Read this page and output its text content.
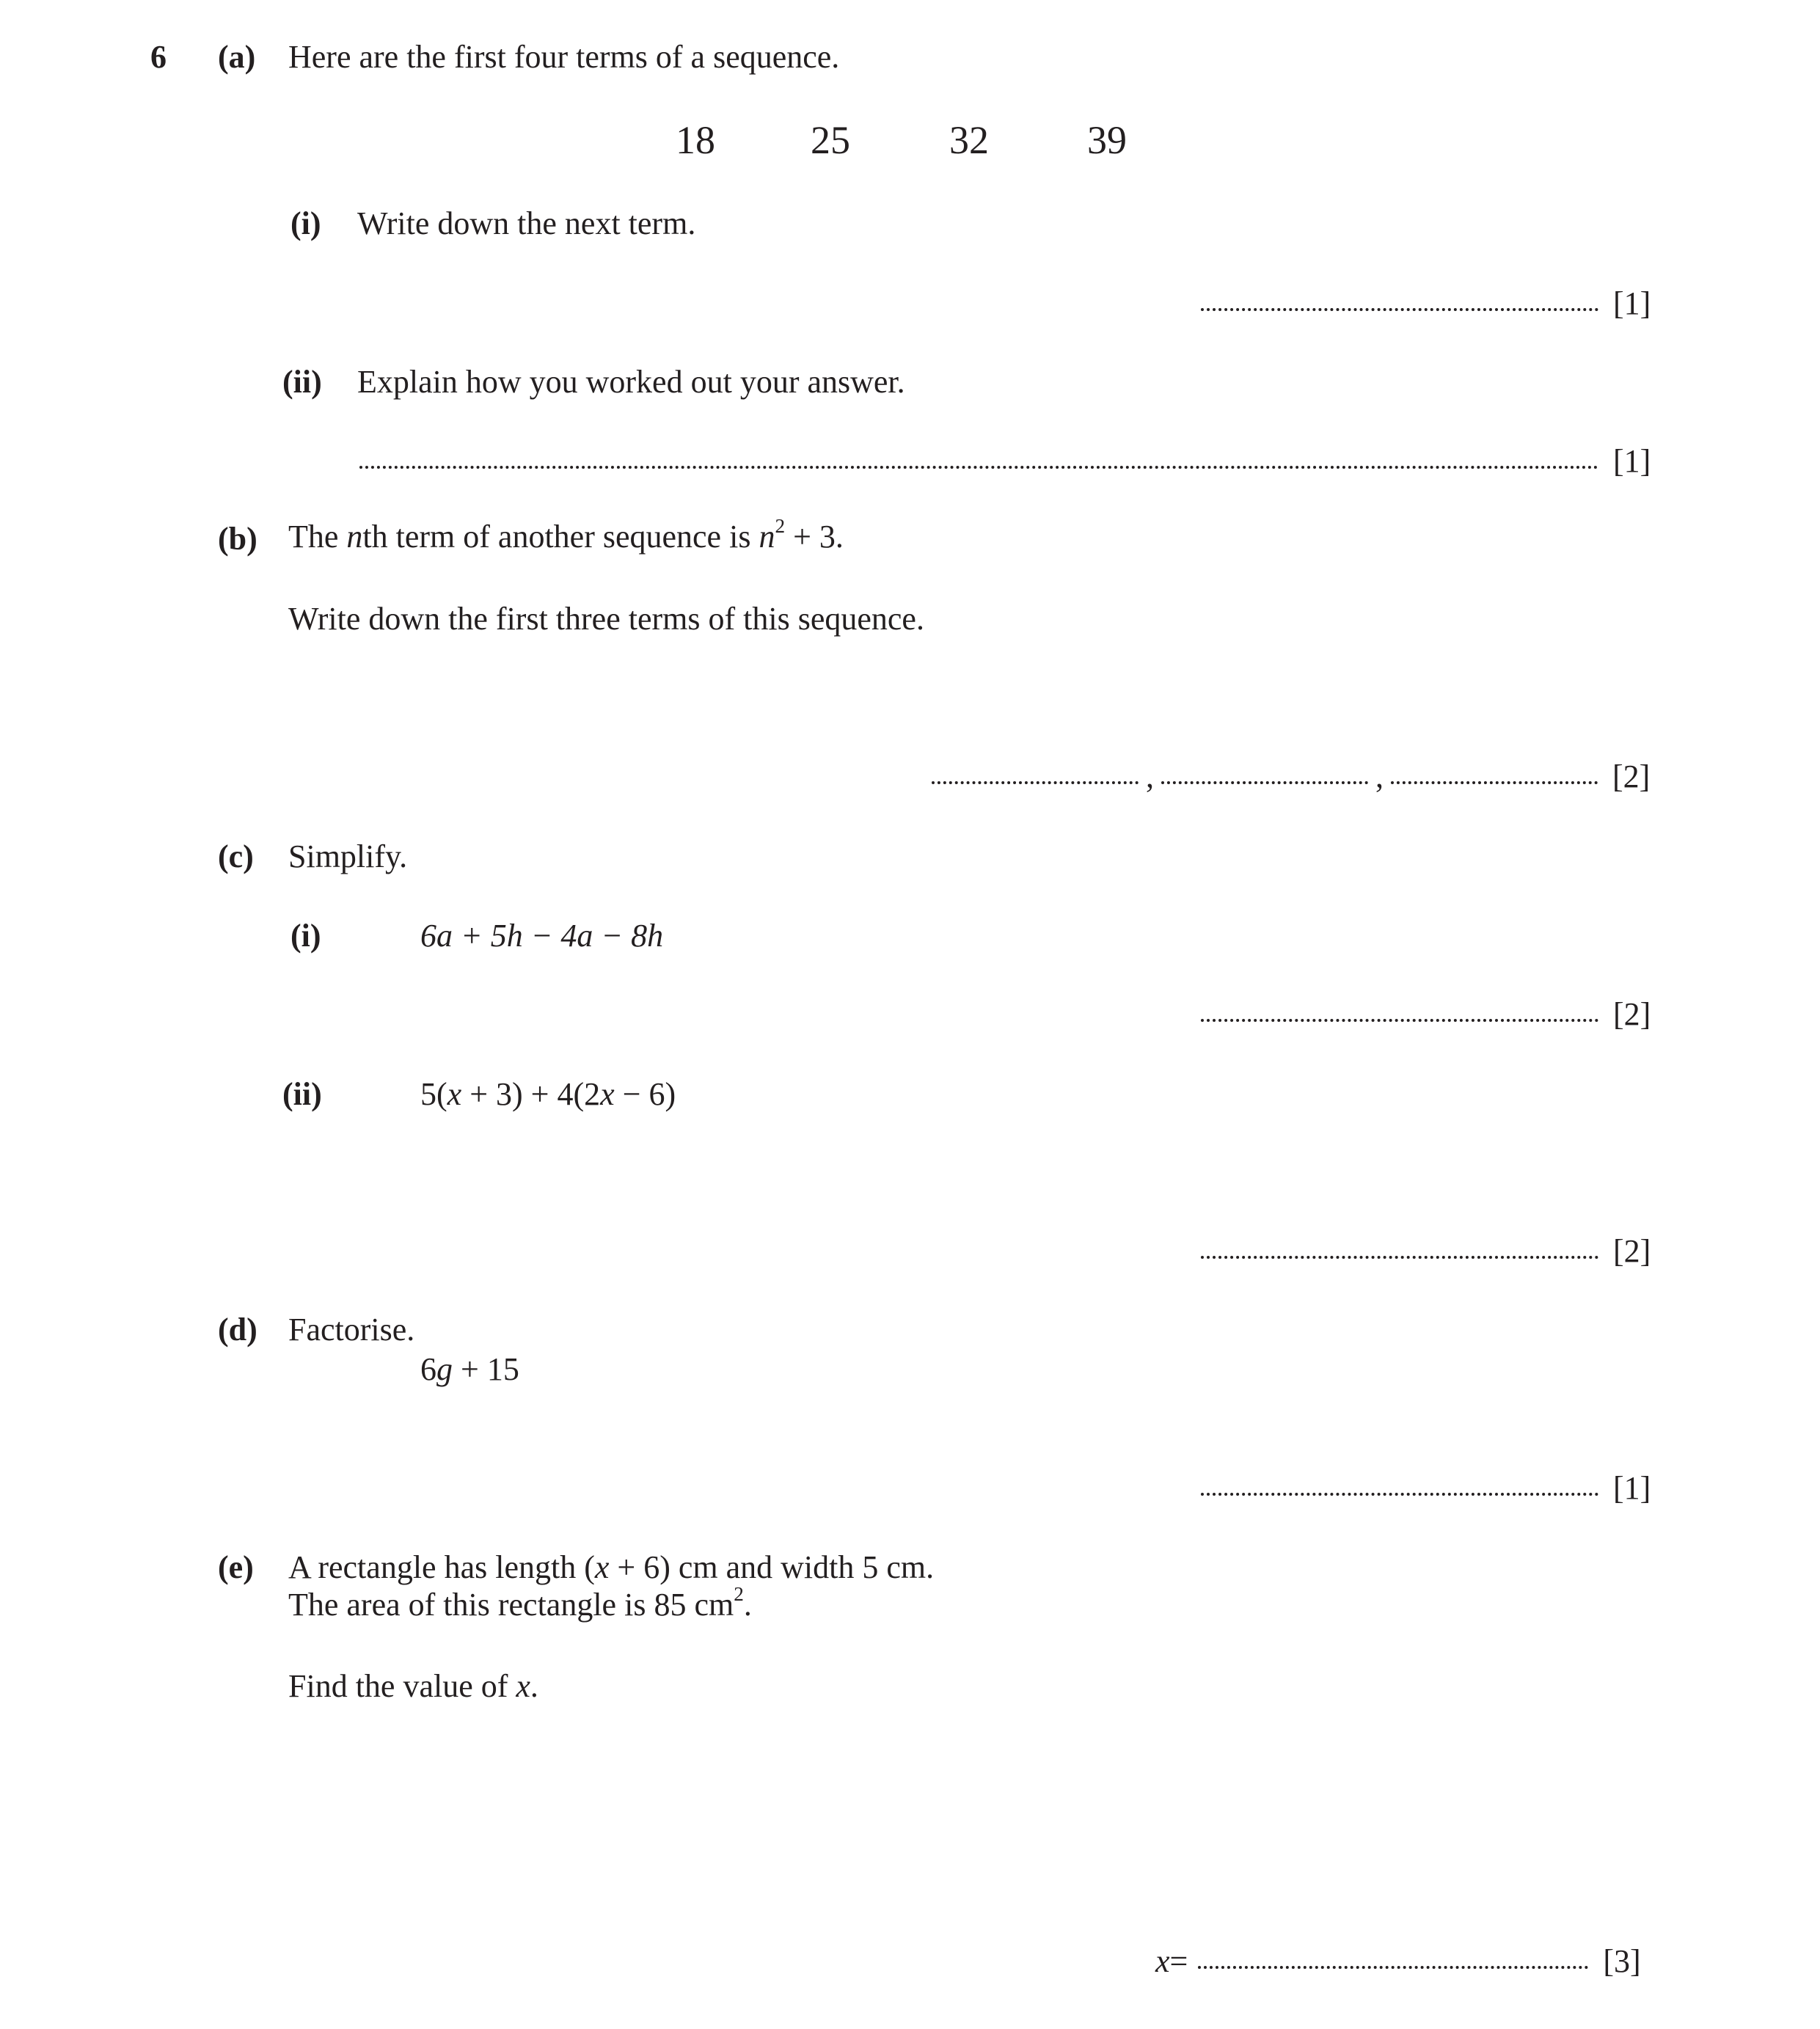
6 (a) Here are the first four terms of a sequence.
18 25	32 39
(i) Write down the next term.
[1]
(ii) Explain how you worked out your answer.
[1]
(b) The nth term of another sequence is $n^2 + 3$.
Write down the first three terms of this sequence.
,	,	[2]
(c) Simplify.
(i)	6a + 5h − 4a − 8h
[2]
(ii)	5(x + 3) + 4(2x − 6)
[2]
(d) Factorise.
6g + 15
[1]
(e) A rectangle has length (x + 6) cm and width 5 cm.
The area of this rectangle is 85 $cm^2$.
Find the value of x.
x =	[3]
